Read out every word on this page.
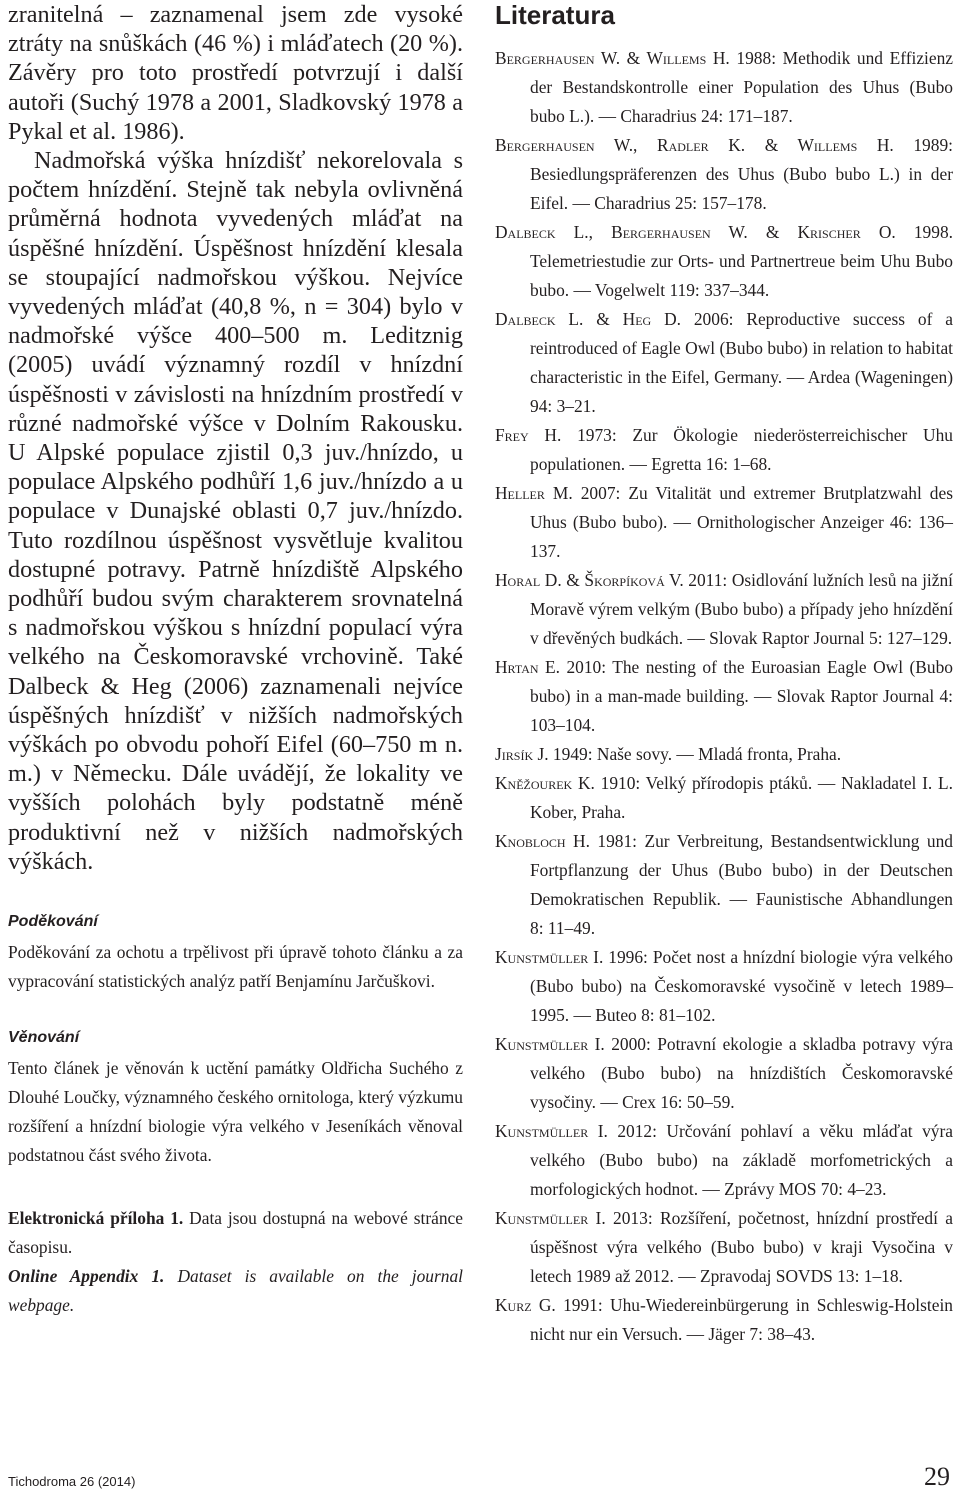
zranitelná – zaznamenal jsem zde vysoké ztráty na snůškách (46 %) i mláďatech (20 %). Závěry pro toto prostředí potvrzují i další autoři (Suchý 1978 a 2001, Sladkovský 1978 a Pykal et al. 1986).

Nadmořská výška hnízdišť nekorelovala s počtem hnízdění. Stejně tak nebyla ovlivněná průměrná hodnota vyvedených mláďat na úspěšné hnízdění. Úspěšnost hnízdění klesala se stoupající nadmořskou výškou. Nejvíce vyvedených mláďat (40,8 %, n = 304) bylo v nadmořské výšce 400–500 m. Leditznig (2005) uvádí významný rozdíl v hnízdní úspěšnosti v závislosti na hnízdním prostředí v různé nadmořské výšce v Dolním Rakousku. U Alpské populace zjistil 0,3 juv./hnízdo, u populace Alpského podhůří 1,6 juv./hnízdo a u populace v Dunajské oblasti 0,7 juv./hnízdo. Tuto rozdílnou úspěšnost vysvětluje kvalitou dostupné potravy. Patrně hnízdiště Alpského podhůří budou svým charakterem srovnatelná s nadmořskou výškou s hnízdní populací výra velkého na Českomoravské vrchovině. Také Dalbeck & Heg (2006) zaznamenali nejvíce úspěšných hnízdišť v nižších nadmořských výškách po obvodu pohoří Eifel (60–750 m n. m.) v Německu. Dále uvádějí, že lokality ve vyšších polohách byly podstatně méně produktivní než v nižších nadmořských výškách.

Poděkování

Poděkování za ochotu a trpělivost při úpravě tohoto článku a za vypracování statistických analýz patří Benjamínu Jarčuškovi.

Věnování

Tento článek je věnován k uctění památky Oldřicha Suchého z Dlouhé Loučky, významného českého ornitologa, který výzkumu rozšíření a hnízdní biologie výra velkého v Jeseníkách věnoval podstatnou část svého života.

Elektronická příloha 1. Data jsou dostupná na webové stránce časopisu.

Online Appendix 1. Dataset is available on the journal webpage.

Literatura

Bergerhausen W. & Willems H. 1988: Methodik und Effizienz der Bestandskontrolle einer Population des Uhus (Bubo bubo L.). — Charadrius 24: 171–187.

Bergerhausen W., Radler K. & Willems H. 1989: Besiedlungspräferenzen des Uhus (Bubo bubo L.) in der Eifel. — Charadrius 25: 157–178.

Dalbeck L., Bergerhausen W. & Krischer O. 1998. Telemetriestudie zur Orts- und Partnertreue beim Uhu Bubo bubo. — Vogelwelt 119: 337–344.

Dalbeck L. & Heg D. 2006: Reproductive success of a reintroduced of Eagle Owl (Bubo bubo) in relation to habitat characteristic in the Eifel, Germany. — Ardea (Wageningen) 94: 3–21.

Frey H. 1973: Zur Ökologie niederösterreichischer Uhu populationen. — Egretta 16: 1–68.

Heller M. 2007: Zu Vitalität und extremer Brutplatzwahl des Uhus (Bubo bubo). — Ornithologischer Anzeiger 46: 136–137.

Horal D. & Škorpíková V. 2011: Osidlování lužních lesů na jižní Moravě výrem velkým (Bubo bubo) a případy jeho hnízdění v dřevěných budkách. — Slovak Raptor Journal 5: 127–129.

Hrtan E. 2010: The nesting of the Euroasian Eagle Owl (Bubo bubo) in a man-made building. — Slovak Raptor Journal 4: 103–104.

Jirsík J. 1949: Naše sovy. — Mladá fronta, Praha.

Kněžourek K. 1910: Velký přírodopis ptáků. — Nakladatel I. L. Kober, Praha.

Knobloch H. 1981: Zur Verbreitung, Bestandsentwicklung und Fortpflanzung der Uhus (Bubo bubo) in der Deutschen Demokratischen Republik. — Faunistische Abhandlungen 8: 11–49.

Kunstmüller I. 1996: Počet nost a hnízdní biologie výra velkého (Bubo bubo) na Českomoravské vysočině v letech 1989–1995. — Buteo 8: 81–102.

Kunstmüller I. 2000: Potravní ekologie a skladba potravy výra velkého (Bubo bubo) na hnízdištích Českomoravské vysočiny. — Crex 16: 50–59.

Kunstmüller I. 2012: Určování pohlaví a věku mláďat výra velkého (Bubo bubo) na základě morfometrických a morfologických hodnot. — Zprávy MOS 70: 4–23.

Kunstmüller I. 2013: Rozšíření, početnost, hnízdní prostředí a úspěšnost výra velkého (Bubo bubo) v kraji Vysočina v letech 1989 až 2012. — Zpravodaj SOVDS 13: 1–18.

Kurz G. 1991: Uhu-Wiedereinbürgerung in Schleswig-Holstein nicht nur ein Versuch. — Jäger 7: 38–43.

Tichodroma 26 (2014)	29
